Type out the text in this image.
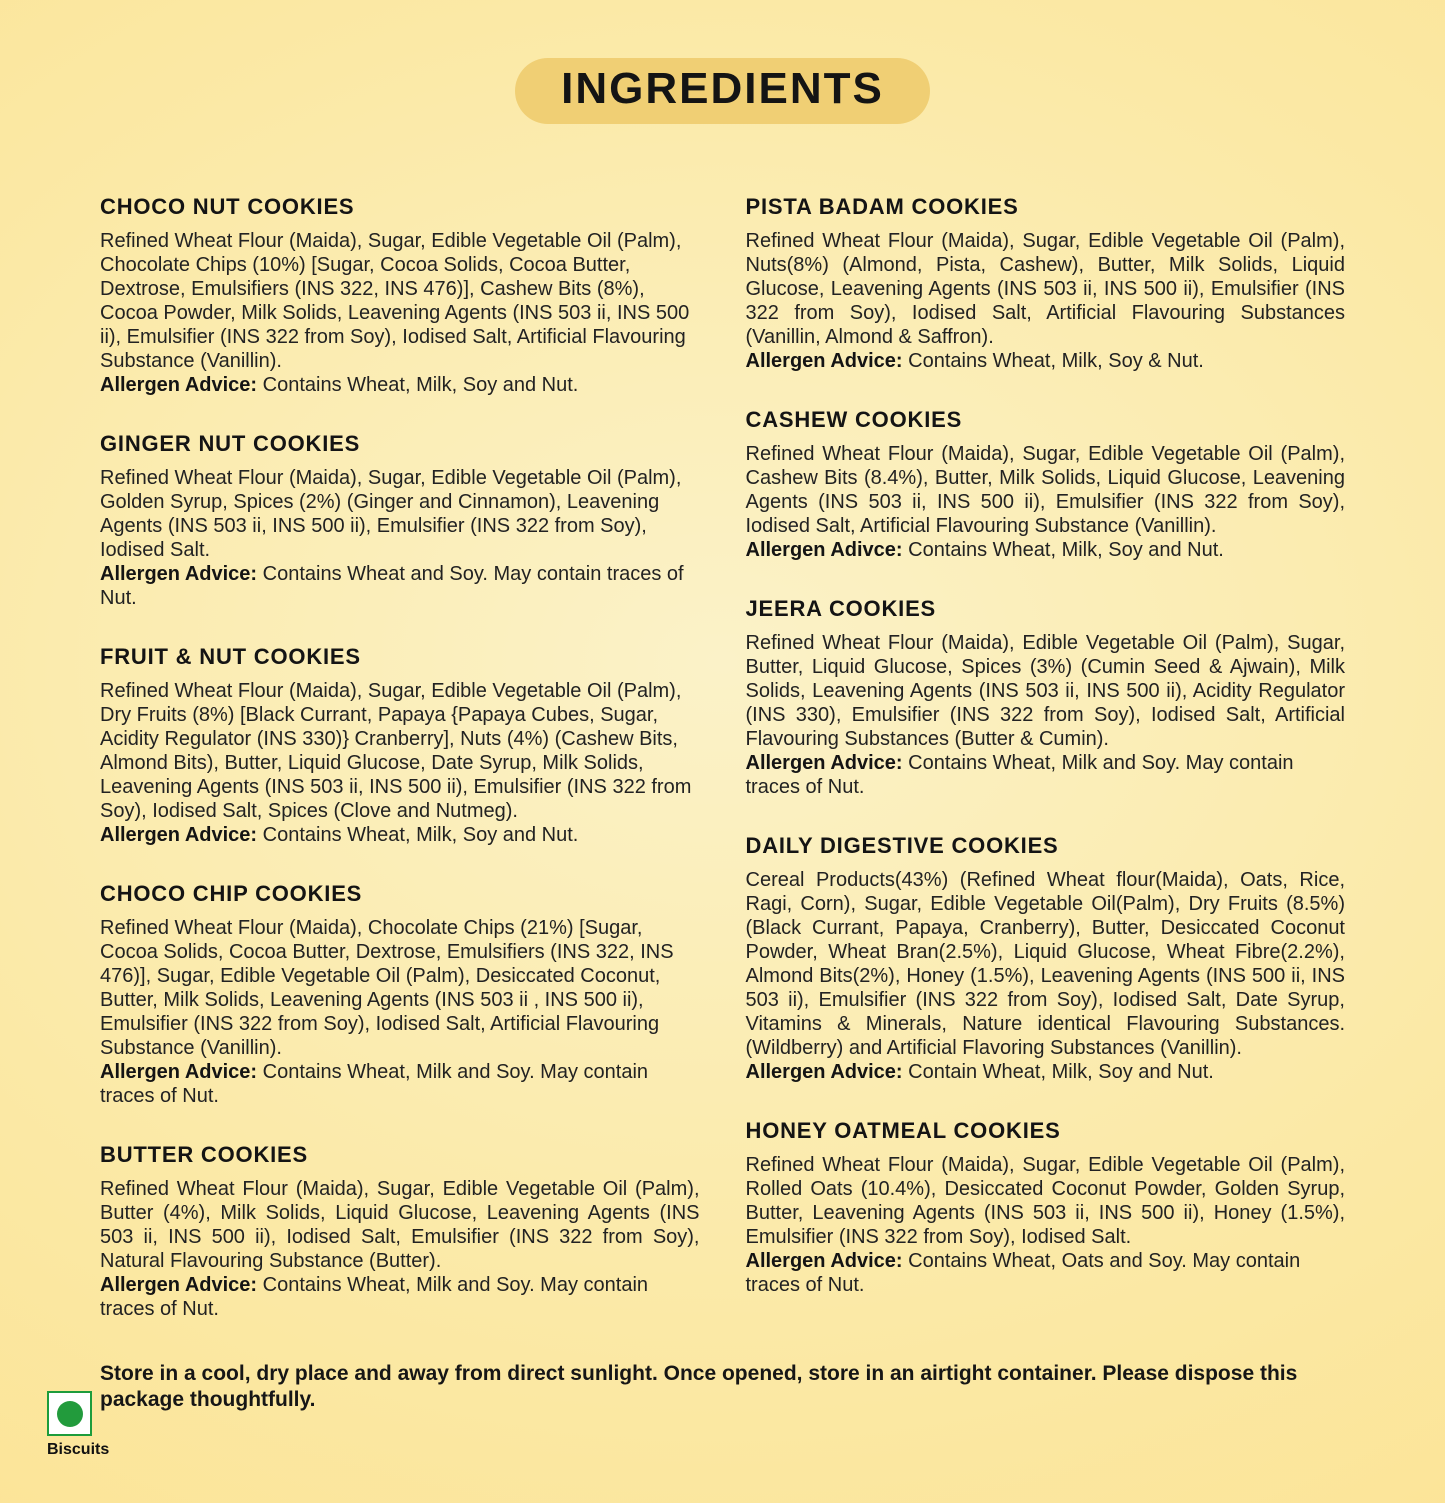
INGREDIENTS
CHOCO NUT COOKIES

Refined Wheat Flour (Maida), Sugar, Edible Vegetable Oil (Palm), Chocolate Chips (10%) [Sugar, Cocoa Solids, Cocoa Butter, Dextrose, Emulsifiers (INS 322, INS 476)], Cashew Bits (8%), Cocoa Powder, Milk Solids, Leavening Agents (INS 503 ii, INS 500 ii), Emulsifier (INS 322 from Soy), Iodised Salt, Artificial Flavouring Substance (Vanillin).

Allergen Advice: Contains Wheat, Milk, Soy and Nut.

GINGER NUT COOKIES

Refined Wheat Flour (Maida), Sugar, Edible Vegetable Oil (Palm), Golden Syrup, Spices (2%) (Ginger and Cinnamon), Leavening Agents (INS 503 ii, INS 500 ii), Emulsifier (INS 322 from Soy), Iodised Salt.

Allergen Advice: Contains Wheat and Soy. May contain traces of Nut.

FRUIT & NUT COOKIES

Refined Wheat Flour (Maida), Sugar, Edible Vegetable Oil (Palm), Dry Fruits (8%) [Black Currant, Papaya {Papaya Cubes, Sugar, Acidity Regulator (INS 330)} Cranberry], Nuts (4%) (Cashew Bits, Almond Bits), Butter, Liquid Glucose, Date Syrup, Milk Solids, Leavening Agents (INS 503 ii, INS 500 ii), Emulsifier (INS 322 from Soy), Iodised Salt, Spices (Clove and Nutmeg).

Allergen Advice: Contains Wheat, Milk, Soy and Nut.

CHOCO CHIP COOKIES

Refined Wheat Flour (Maida), Chocolate Chips (21%) [Sugar, Cocoa Solids, Cocoa Butter, Dextrose, Emulsifiers (INS 322, INS 476)], Sugar, Edible Vegetable Oil (Palm), Desiccated Coconut, Butter, Milk Solids, Leavening Agents (INS 503 ii , INS 500 ii), Emulsifier (INS 322 from Soy), Iodised Salt, Artificial Flavouring Substance (Vanillin).

Allergen Advice: Contains Wheat, Milk and Soy. May contain traces of Nut.

BUTTER COOKIES

Refined Wheat Flour (Maida), Sugar, Edible Vegetable Oil (Palm), Butter (4%), Milk Solids, Liquid Glucose, Leavening Agents (INS 503 ii, INS 500 ii), Iodised Salt, Emulsifier (INS 322 from Soy), Natural Flavouring Substance (Butter).

Allergen Advice: Contains Wheat, Milk and Soy. May contain traces of Nut.

PISTA BADAM COOKIES

Refined Wheat Flour (Maida), Sugar, Edible Vegetable Oil (Palm), Nuts(8%) (Almond, Pista, Cashew), Butter, Milk Solids, Liquid Glucose, Leavening Agents (INS 503 ii, INS 500 ii), Emulsifier (INS 322 from Soy), Iodised Salt, Artificial Flavouring Substances (Vanillin, Almond & Saffron).

Allergen Advice: Contains Wheat, Milk, Soy & Nut.

CASHEW COOKIES

Refined Wheat Flour (Maida), Sugar, Edible Vegetable Oil (Palm), Cashew Bits (8.4%), Butter, Milk Solids, Liquid Glucose, Leavening Agents (INS 503 ii, INS 500 ii), Emulsifier (INS 322 from Soy), Iodised Salt, Artificial Flavouring Substance (Vanillin).

Allergen Adivce: Contains Wheat, Milk, Soy and Nut.

JEERA COOKIES

Refined Wheat Flour (Maida), Edible Vegetable Oil (Palm), Sugar, Butter, Liquid Glucose, Spices (3%) (Cumin Seed & Ajwain), Milk Solids, Leavening Agents (INS 503 ii, INS 500 ii), Acidity Regulator (INS 330), Emulsifier (INS 322 from Soy), Iodised Salt, Artificial Flavouring Substances (Butter & Cumin).

Allergen Advice: Contains Wheat, Milk and Soy. May contain traces of Nut.

DAILY DIGESTIVE COOKIES

Cereal Products(43%) (Refined Wheat flour(Maida), Oats, Rice, Ragi, Corn), Sugar, Edible Vegetable Oil(Palm), Dry Fruits (8.5%) (Black Currant, Papaya, Cranberry), Butter, Desiccated Coconut Powder, Wheat Bran(2.5%), Liquid Glucose, Wheat Fibre(2.2%), Almond Bits(2%), Honey (1.5%), Leavening Agents (INS 500 ii, INS 503 ii), Emulsifier (INS 322 from Soy), Iodised Salt, Date Syrup, Vitamins & Minerals, Nature identical Flavouring Substances. (Wildberry) and Artificial Flavoring Substances (Vanillin).

Allergen Advice: Contain Wheat, Milk, Soy and Nut.

HONEY OATMEAL COOKIES

Refined Wheat Flour (Maida), Sugar, Edible Vegetable Oil (Palm), Rolled Oats (10.4%), Desiccated Coconut Powder, Golden Syrup, Butter, Leavening Agents (INS 503 ii, INS 500 ii), Honey (1.5%), Emulsifier (INS 322 from Soy), Iodised Salt.

Allergen Advice: Contains Wheat, Oats and Soy. May contain traces of Nut.

Store in a cool, dry place and away from direct sunlight. Once opened, store in an airtight container. Please dispose this package thoughtfully.
Biscuits
